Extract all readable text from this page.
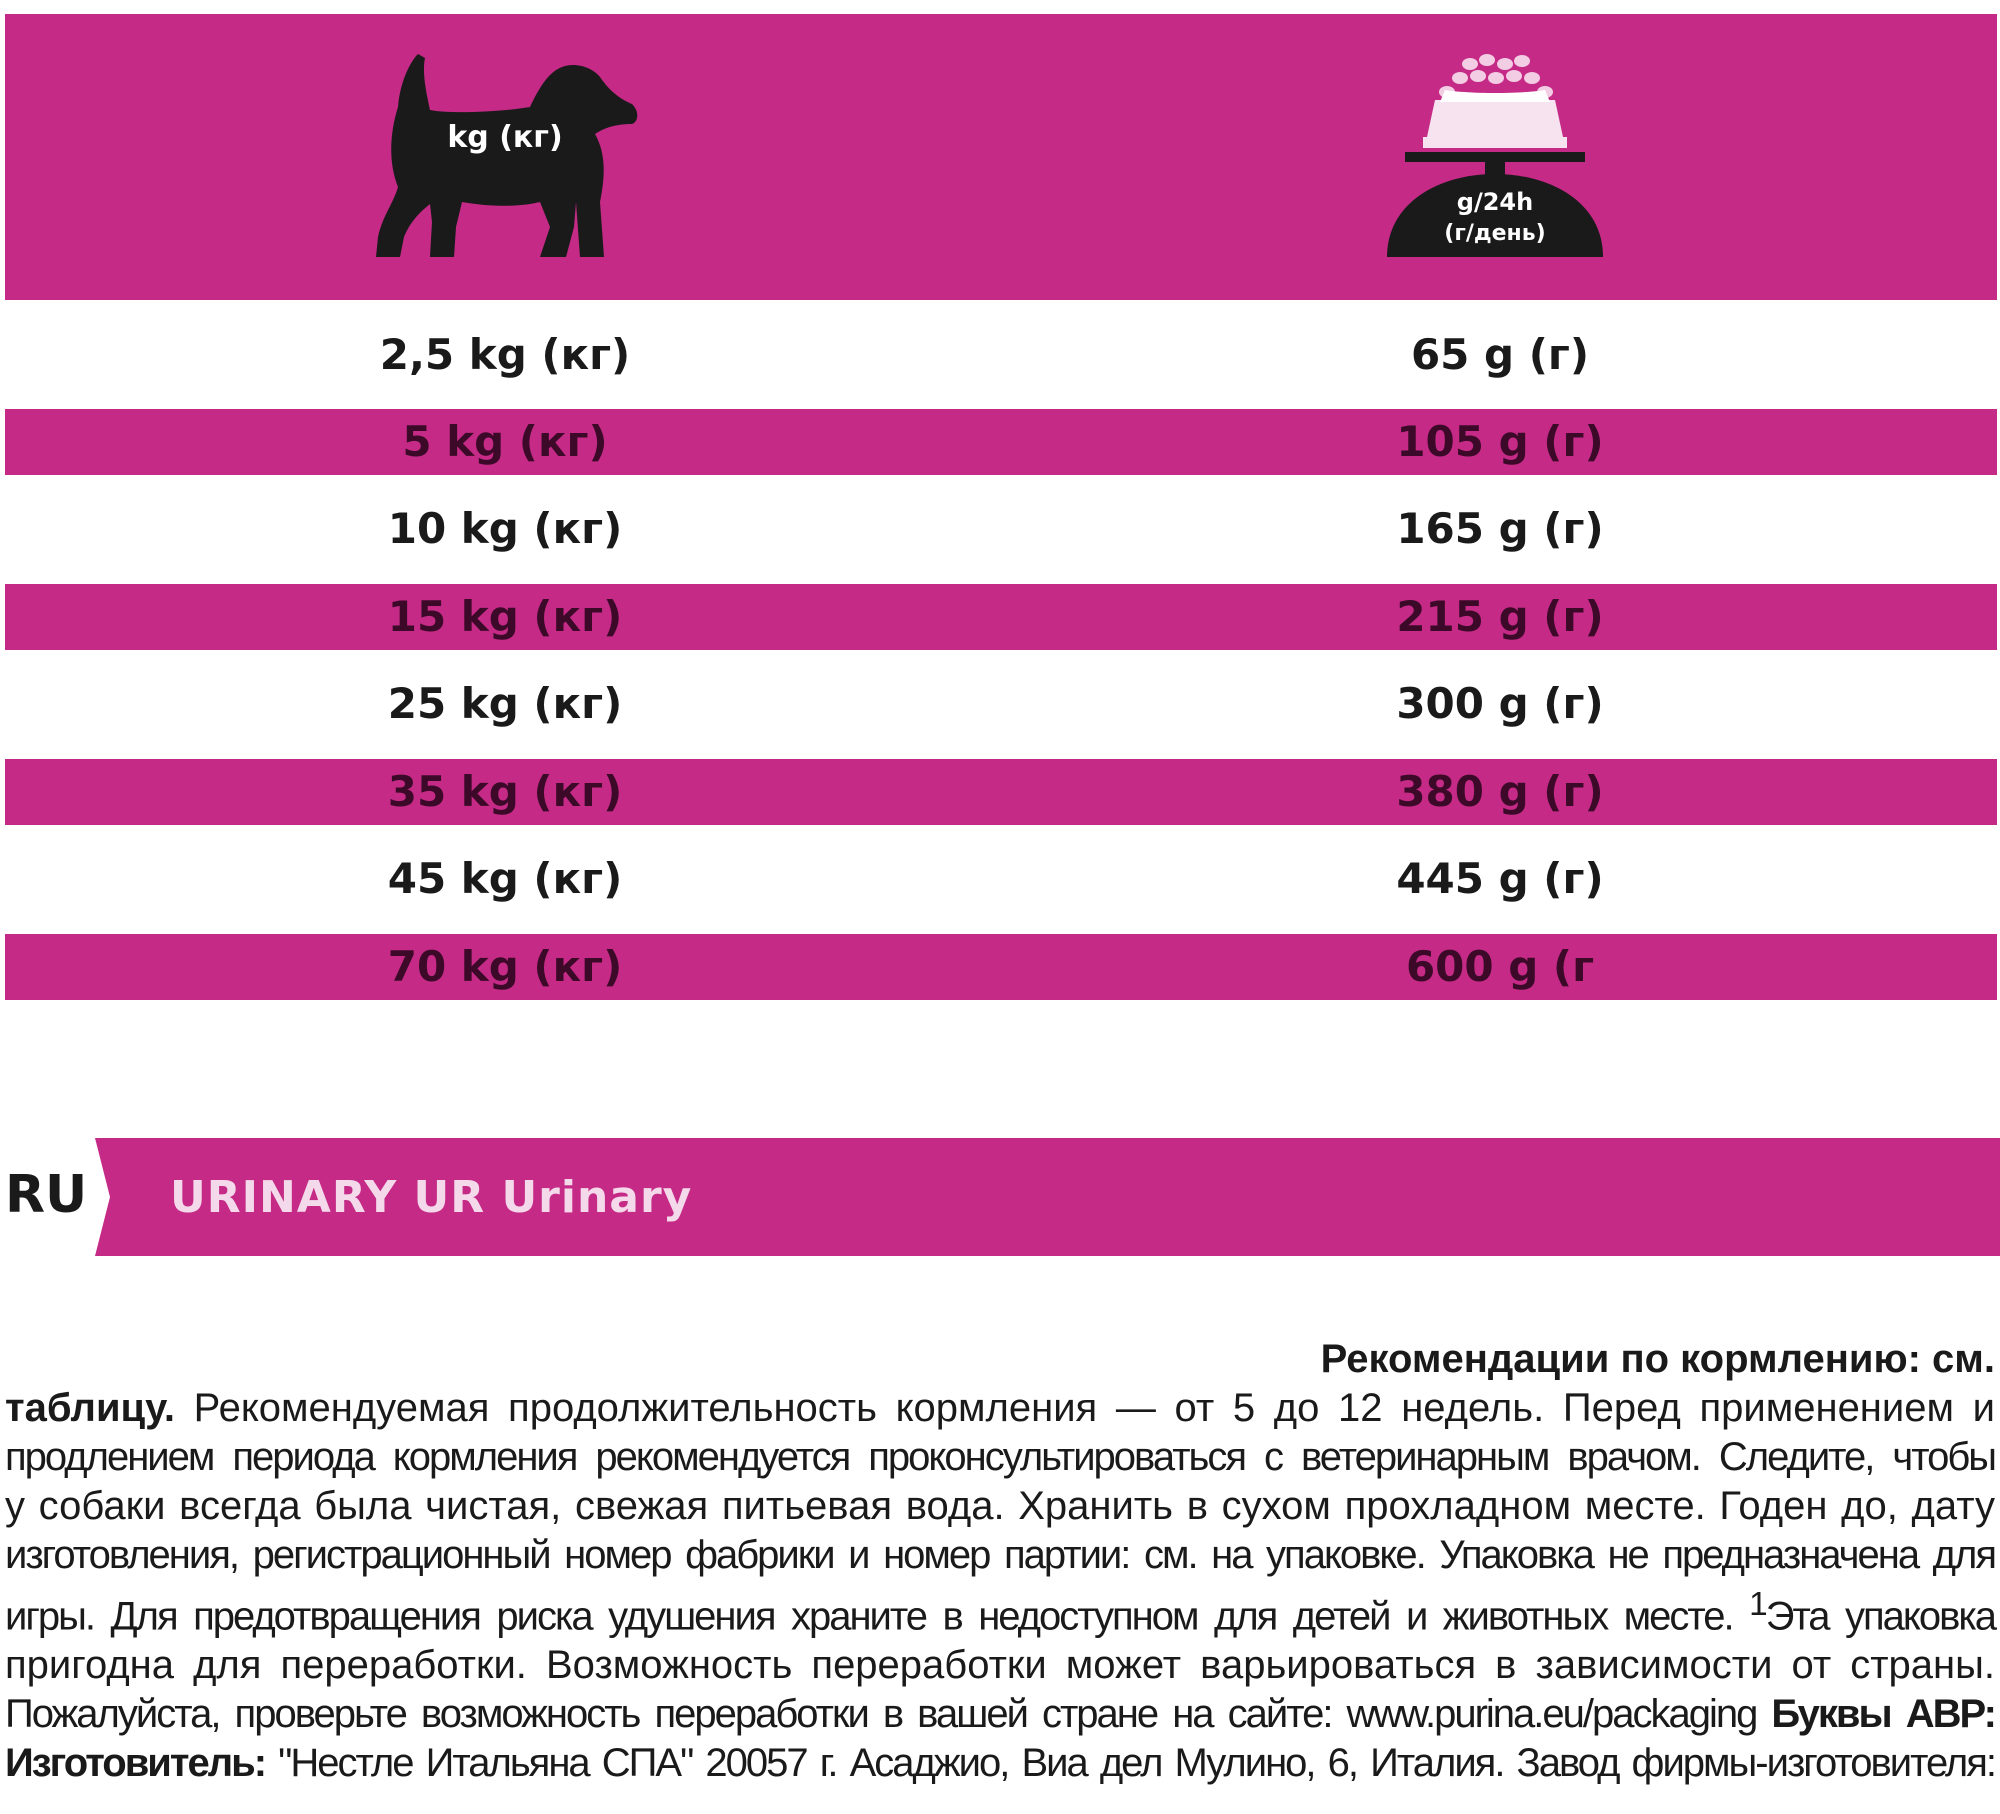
kg (кг)
g/24h
(г/день)
2,5 kg (кг)	65 g (г)
5 kg (кг)	105 g (г)
10 kg (кг)	165 g (г)
15 kg (кг)	215 g (г)
25 kg (кг)	300 g (г)
35 kg (кг)	380 g (г)
45 kg (кг)	445 g (г)
70 kg (кг)	600 g (г
RU URINARY UR Urinary
Рекомендации по кормлению: см.
таблицу. Рекомендуемая продолжительность кормления — от 5 до 12 недель. Перед применением и
продлением периода кормления рекомендуется проконсультироваться с ветеринарным врачом. Следите, чтобы
у собаки всегда была чистая, свежая питьевая вода. Хранить в сухом прохладном месте. Годен до, дату
изготовления, регистрационный номер фабрики и номер партии: см. на упаковке. Упаковка не предназначена для
игры. Для предотвращения риска удушения храните в недоступном для детей и животных месте. $^1$Эта упаковка
пригодна для переработки. Возможность переработки может варьироваться в зависимости от страны.
Пожалуйста, проверьте возможность переработки в вашей стране на сайте: www.purina.eu/packaging Буквы АВР:
Изготовитель: "Нестле Итальяна СПА" 20057 г. Асаджио, Виа дел Мулино, 6, Италия. Завод фирмы-изготовителя:
